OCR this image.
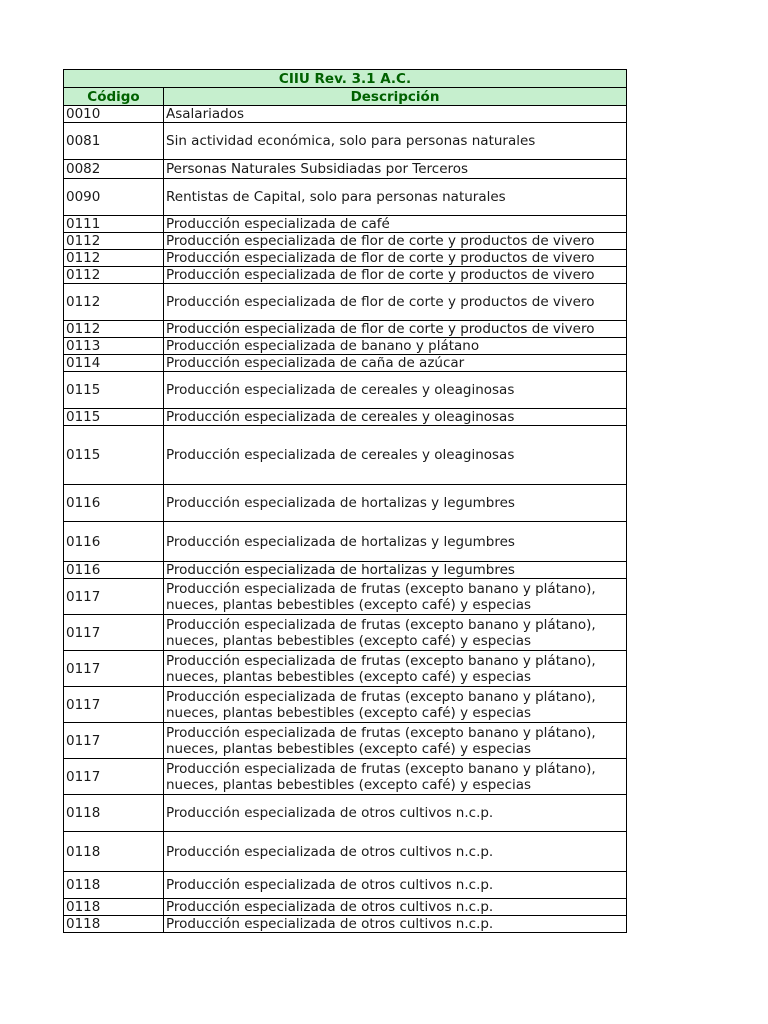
CIIU Rev. 3.1 A.C.	
Código	Descripción
0010	Asalariados
0081	Sin actividad económica, solo para personas naturales
0082	Personas Naturales Subsidiadas por Terceros
0090	Rentistas de Capital, solo para personas naturales
0111	Producción especializada de café
0112	Producción especializada de flor de corte y productos de vivero
0112	Producción especializada de flor de corte y productos de vivero
0112	Producción especializada de flor de corte y productos de vivero
0112	Producción especializada de flor de corte y productos de vivero
0112	Producción especializada de flor de corte y productos de vivero
0113	Producción especializada de banano y plátano
0114	Producción especializada de caña de azúcar
0115	Producción especializada de cereales y oleaginosas
0115	Producción especializada de cereales y oleaginosas
0115	Producción especializada de cereales y oleaginosas
0116	Producción especializada de hortalizas y legumbres
0116	Producción especializada de hortalizas y legumbres
0116	Producción especializada de hortalizas y legumbres
0117	Producción especializada de frutas (excepto banano y plátano), nueces, plantas bebestibles (excepto café) y especias
0117	Producción especializada de frutas (excepto banano y plátano), nueces, plantas bebestibles (excepto café) y especias
0117	Producción especializada de frutas (excepto banano y plátano), nueces, plantas bebestibles (excepto café) y especias
0117	Producción especializada de frutas (excepto banano y plátano), nueces, plantas bebestibles (excepto café) y especias
0117	Producción especializada de frutas (excepto banano y plátano), nueces, plantas bebestibles (excepto café) y especias
0117	Producción especializada de frutas (excepto banano y plátano), nueces, plantas bebestibles (excepto café) y especias
0118	Producción especializada de otros cultivos n.c.p.
0118	Producción especializada de otros cultivos n.c.p.
0118	Producción especializada de otros cultivos n.c.p.
0118	Producción especializada de otros cultivos n.c.p.
0118	Producción especializada de otros cultivos n.c.p.
